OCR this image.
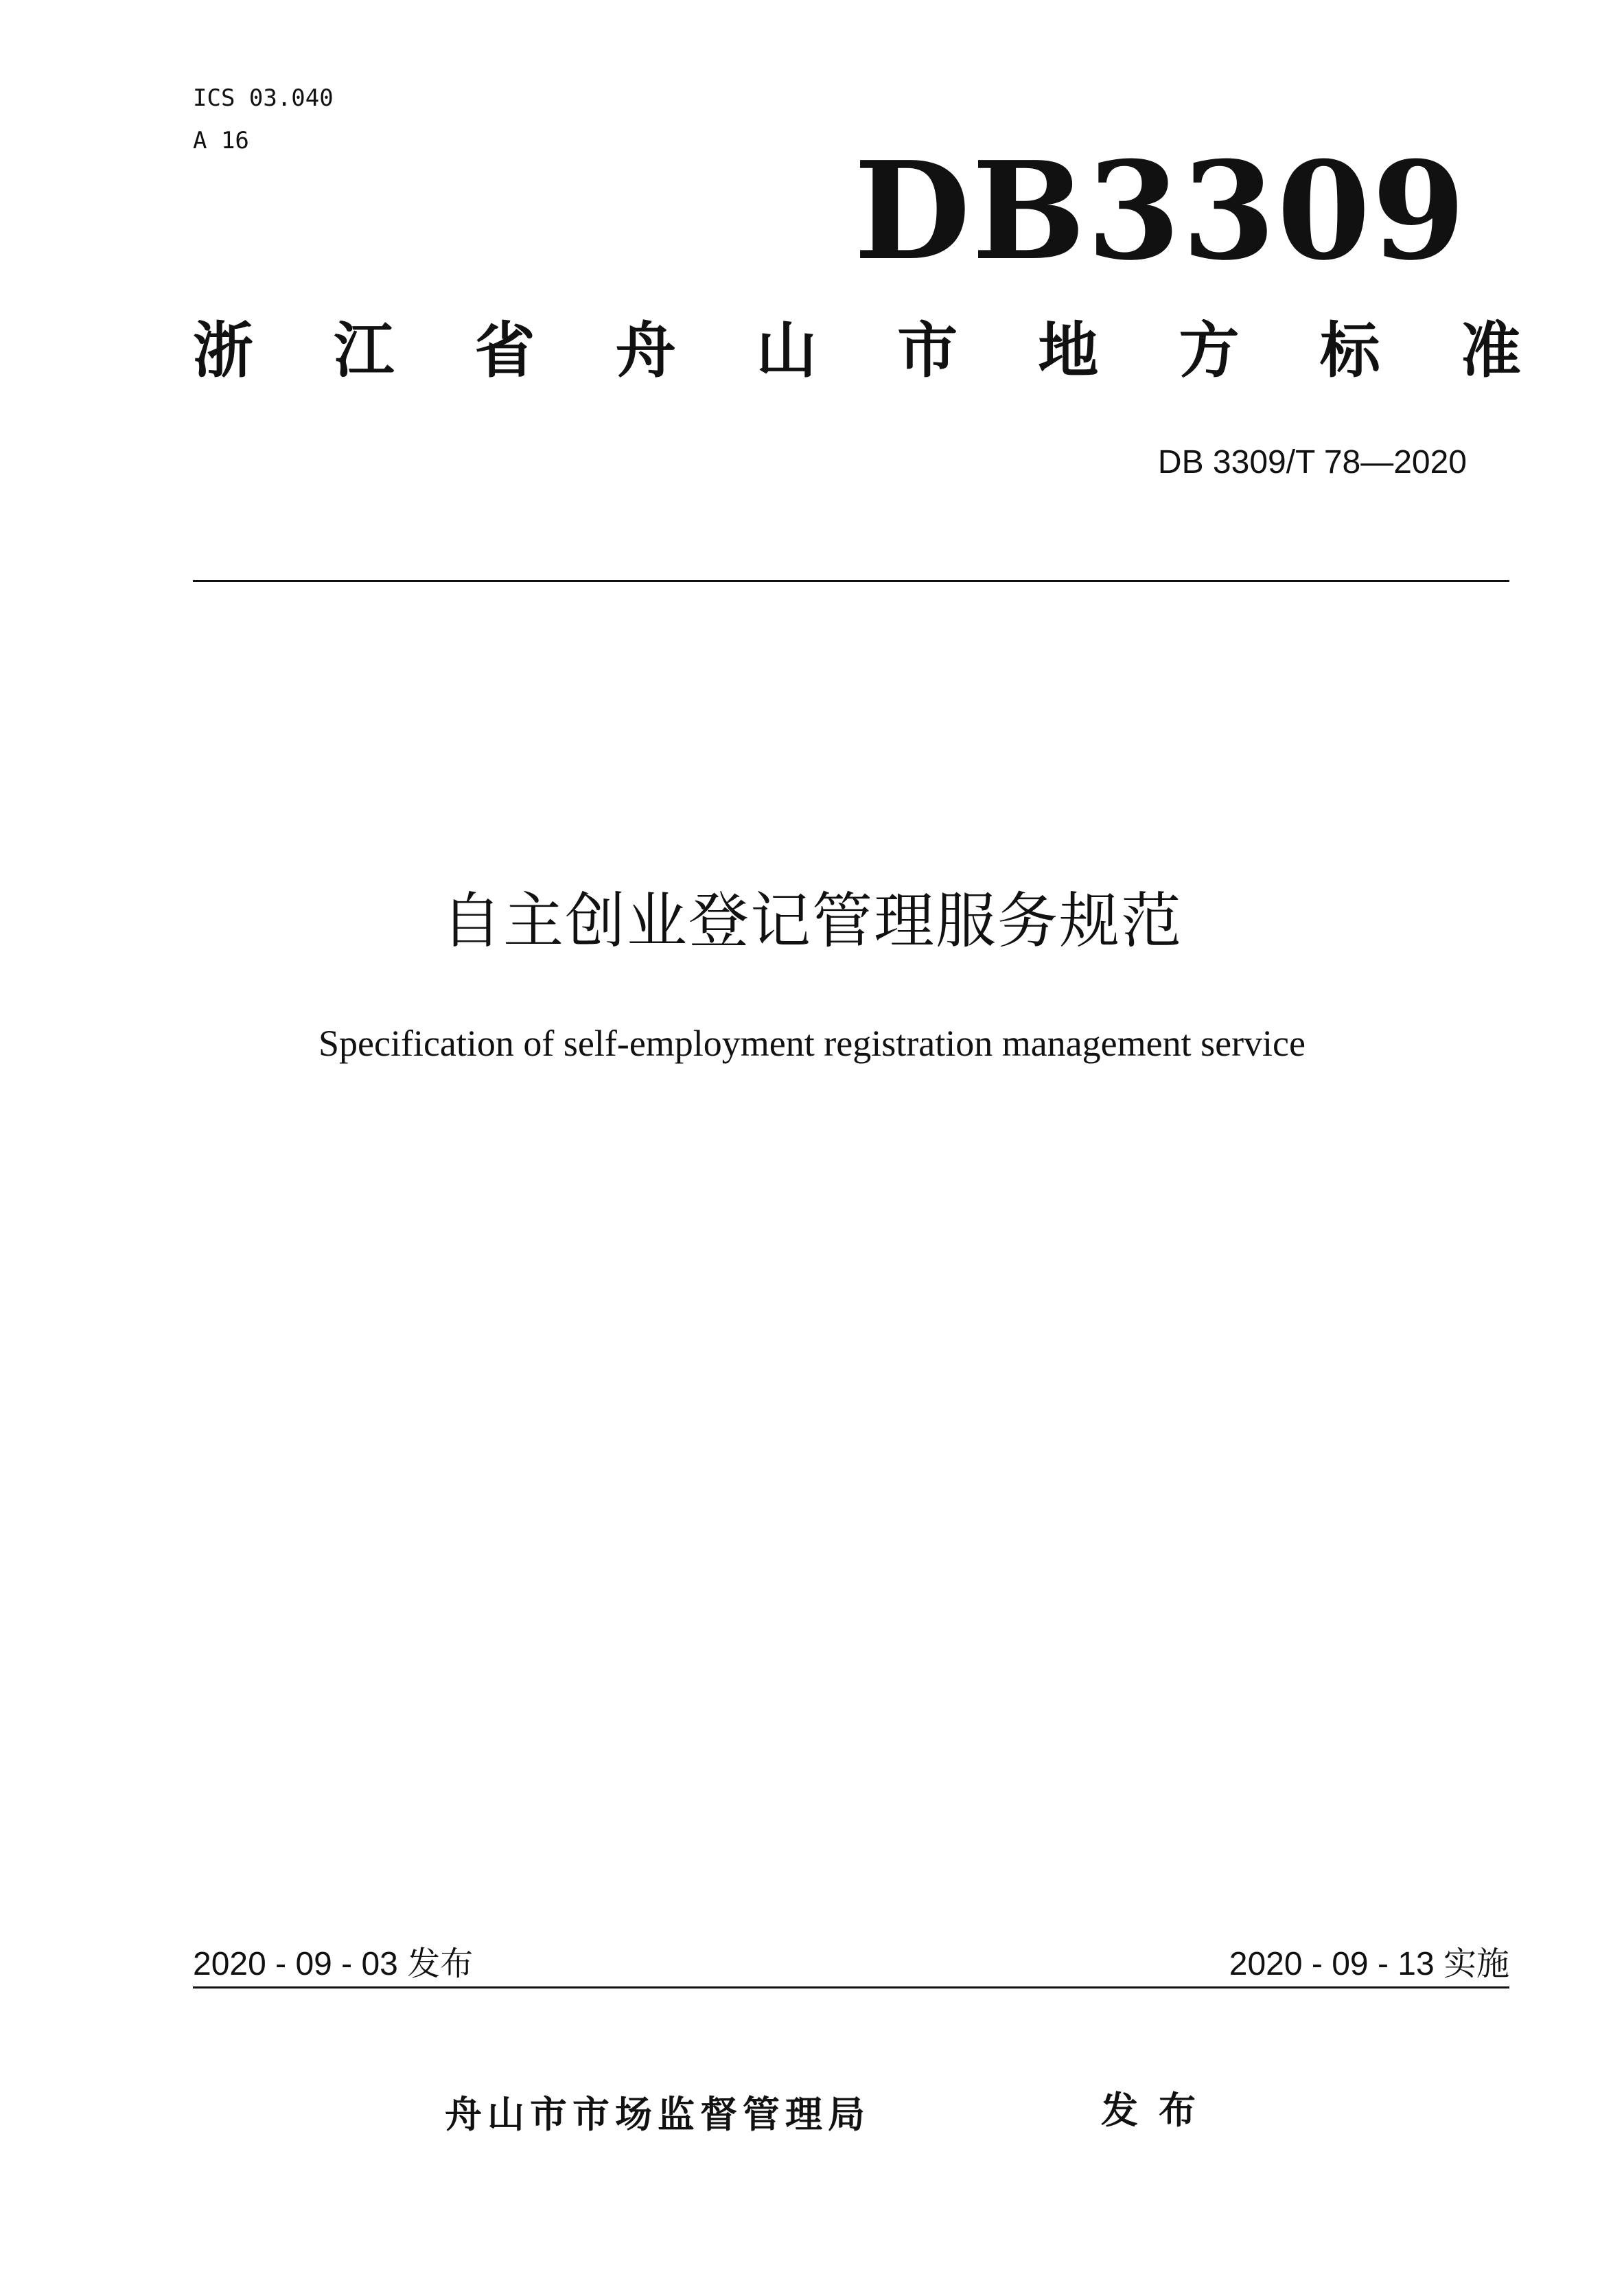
ICS 03.040
A 16	DB3309
浙 江 省 舟 山 市 地 方 标 准
DB 3309/T 78—2020
自主创业登记管理服务规范
Specification of self-employment registration management service
2020 - 09 - 03 发布	2020 - 09 - 13 实施
舟山市市场监督管理局	发布
